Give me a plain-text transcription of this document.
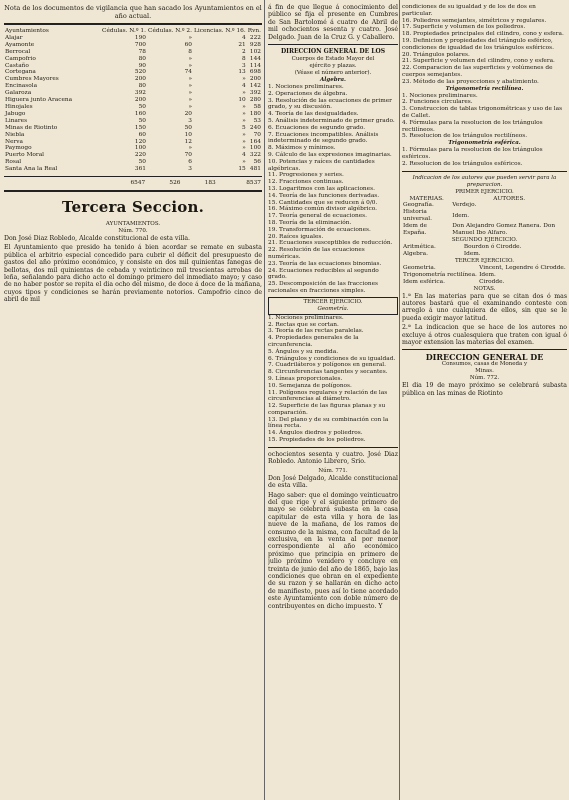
Nota de los documentos de vigilancia que han sacado los Ayuntamientos en el año actual.
Ayuntamientos	Cédulas. N.º 1.	Cédulas. N.º 2.	Licencias. N.º 16.	Rvn.
Alajar	190	»	4	222
Ayamonte	700	60	21	928
Berrocal	78	8	2	102
Campofrio	80	»	8	144
Castaño	90	»	3	114
Cortegana	520	74	13	698
Cumbres Mayores	200	»	»	200
Encinasola	80	»	4	142
Galaroza	392	»	»	392
Higuera junto Aracena	200	»	10	280
Hinojales	50	»	»	58
Jabugo	160	20	»	180
Linares	50	3	»	53
Minas de Riotinto	150	50	5	240
Niebla	60	10	»	70
Nerva	120	12	»	164
Paymogo	100	»	»	100
Puerto Moral	220	70	4	322
Rosal	50	6	»	56
Santa Ana la Real	361	3	15	481
	6547	526	183	8537
Tercera Seccion.
AYUNTAMIENTOS.
Núm. 770.
Don José Diaz Robledo, Alcalde constitucional de esta villa.
El Ayuntamiento que presido ha tenido á bien acordar se remate en subasta pública el arbitrio especial concedido para cubrir el déficit del presupuesto de gastos del año próximo económico, y consiste en dos mil quinientas fanegas de bellotas, dos mil quinientas de cebada y veinticinco mil trescientas arrobas de leña, señalando para dicho acto el domingo primero del inmediato mayo; y caso de no haber postor se repita el dia ocho del mismo, de doce á doce de la mañana, cuyos tipos y condiciones se harán previamente notorios. Campofrio cinco de abril de mil
á fin de que llegue á conocimiento del público se fija el presente en Cumbres de San Bartolomé á cuatro de Abril de mil ochocientos sesenta y cuatro. José Delgado. Juan de la Cruz G. y Caballero.
DIRECCION GENERAL DE LOS
Cuerpos de Estado Mayor del
ejército y plazas.
(Véase el número anterior).
Algebra.
1. Nociones preliminares.
2. Operaciones de álgebra.
3. Resolución de las ecuaciones de primer grado, y su discusión.
4. Teoría de las desigualdades.
5. Análisis indeterminado de primer grado.
6. Ecuaciones de segundo grado.
7. Ecuaciones incompatibles. Análisis indeterminado de segundo grado.
8. Máximos y mínimos.
9. Cálculo de las expresiones imaginarias.
10. Potencias y raíces de cantidades algébricas.
11. Progresiones y series.
12. Fracciones continuas.
13. Logaritmos con las aplicaciones.
14. Teoría de las funciones derivadas.
15. Cantidades que se reducen á 0/0.
16. Máximo común divisor algébrico.
17. Teoría general de ecuaciones.
18. Teoría de la eliminación.
19. Transformación de ecuaciones.
20. Raíces iguales.
21. Ecuaciones susceptibles de reducción.
22. Resolución de las ecuaciones numéricas.
23. Teoría de las ecuaciones binomias.
24. Ecuaciones reducibles al segundo grado.
25. Descomposición de las fracciones racionales en fracciones simples.
TERCER EJERCICIO.
Geometría.
1. Nociones preliminares.
2. Rectas que se cortan.
3. Teoría de las rectas paralelas.
4. Propiedades generales de la circunferencia.
5. Ángulos y su medida.
6. Triángulos y condiciones de su igualdad.
7. Cuadriláteros y polígonos en general.
8. Circunferencias tangentes y secantes.
9. Líneas proporcionales.
10. Semejanza de polígonos.
11. Polígonos regulares y relación de las circunferencias al diámetro.
12. Superficie de las figuras planas y su comparación.
13. Del plano y de su combinación con la línea recta.
14. Ángulos diedros y poliedros.
15. Propiedades de los poliedros.
ochocientos sesenta y cuatro. José Diaz Robledo. Antonio Librero, Srio.
Núm. 771.
Don José Delgado, Alcalde constitucional de esta villa.
Hago saber: que el domingo veinticuatro del que rige y el siguiente primero de mayo se celebrará subasta en la casa capitular de esta villa y hora de las nueve de la mañana, de los ramos de consumo de la misma, con facultad de la exclusiva, en la venta al por menor correspondiente al año económico próximo que principia en primero de julio próximo venidero y concluye en treinta de junio del año de 1865, bajo las condiciones que obran en el expediente de su razon y se hallarán en dicho acto de manifiesto, pues así lo tiene acordado este Ayuntamiento con doble número de contribuyentes en dicho impuesto. Y
condiciones de su igualdad y de los de dos en particular.
16. Poliedros semejantes, simétricos y regulares.
17. Superficie y volumen de los poliedros.
18. Propiedades principales del cilindro, cono y esfera.
19. Definicion y propiedades del triángulo esférico, condiciones de igualdad de los triángulos esféricos.
20. Triángulos polares.
21. Superficie y volumen del cilindro, cono y esfera.
22. Comparacion de las superficies y volúmenes de cuerpos semejantes.
23. Método de las proyecciones y abatimiento.
Trigonometría rectilínea.
1. Nociones preliminares.
2. Funciones circulares.
3. Construccion de tablas trigonométricas y uso de las de Callet.
4. Fórmulas para la resolucion de los triángulos rectilíneos.
5. Resolucion de los triángulos rectilíneos.
Trigonometría esférica.
1. Fórmulas para la resolucion de los triángulos esféricos.
2. Resolucion de los triángulos esféricos.
Indicacion de los autores que pueden servir para la preparacion.
PRIMER EJERCICIO.
MATERIAS.	AUTORES.
Geografía.	Verdejo.
Historia universal.	Idem.
Idem de España.	Don Alejandro Gomez Ranera. Don Manuel Ibo Alfaro.
SEGUNDO EJERCICIO.
Aritmética.	Bourdon ó Cirodde.
Algebra.	Idem.
TERCER EJERCICIO.
Geometria.	Vincent, Legendre ó Cirodde.
Trigonometría rectilínea.	Idem.
Idem esférica.	Cirodde.
NOTAS.
1.ª En las materias para que se citan dos ó mas autores bastará que el examinando conteste con arreglo á uno cualquiera de ellos, sin que se le pueda exigir mayor latitud.
2.ª La indicacion que se hace de los autores no excluye á otros cualesquiera que traten con igual ó mayor extension las materias del examen.
DIRECCION GENERAL DE
Consumos, casas de Moneda y
Minas.
Núm. 772.
El dia 19 de mayo próximo se celebrará subasta pública en las minas de Riotinto
